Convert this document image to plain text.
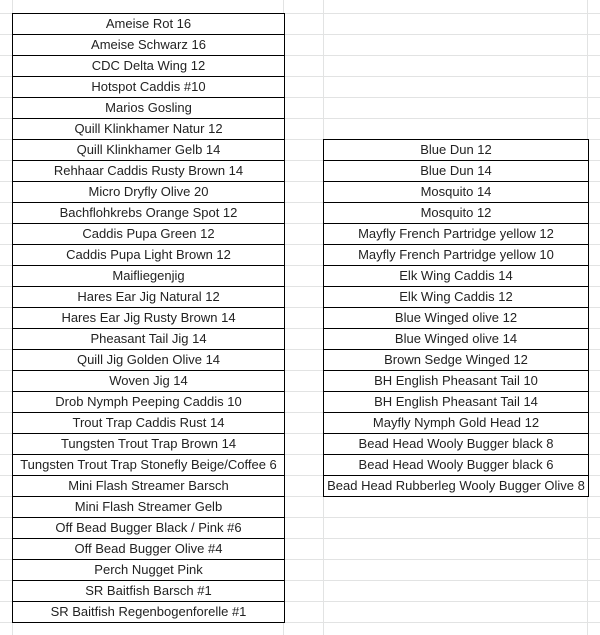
Ameise Rot 16
Ameise Schwarz 16
CDC Delta Wing 12
Hotspot Caddis #10
Marios Gosling
Quill Klinkhamer Natur 12
Quill Klinkhamer Gelb 14
Rehhaar Caddis Rusty Brown 14
Micro Dryfly Olive 20
Bachflohkrebs Orange Spot 12
Caddis Pupa Green 12
Caddis Pupa Light Brown 12
Maifliegenjig
Hares Ear Jig Natural 12
Hares Ear Jig Rusty Brown 14
Pheasant Tail Jig 14
Quill Jig Golden Olive 14
Woven Jig 14
Drob Nymph Peeping Caddis 10
Trout Trap Caddis Rust 14
Tungsten Trout Trap Brown 14
Tungsten Trout Trap Stonefly Beige/Coffee 6
Mini Flash Streamer Barsch
Mini Flash Streamer Gelb
Off Bead Bugger Black / Pink #6
Off Bead Bugger Olive #4
Perch Nugget Pink
SR Baitfish Barsch #1
SR Baitfish Regenbogenforelle #1
Blue Dun 12
Blue Dun 14
Mosquito 14
Mosquito 12
Mayfly French Partridge yellow 12
Mayfly French Partridge yellow 10
Elk Wing Caddis 14
Elk Wing Caddis 12
Blue Winged olive 12
Blue Winged olive 14
Brown Sedge Winged 12
BH English Pheasant Tail 10
BH English Pheasant Tail 14
Mayfly Nymph Gold Head 12
Bead Head Wooly Bugger black 8
Bead Head Wooly Bugger black 6
Bead Head Rubberleg Wooly Bugger Olive 8
